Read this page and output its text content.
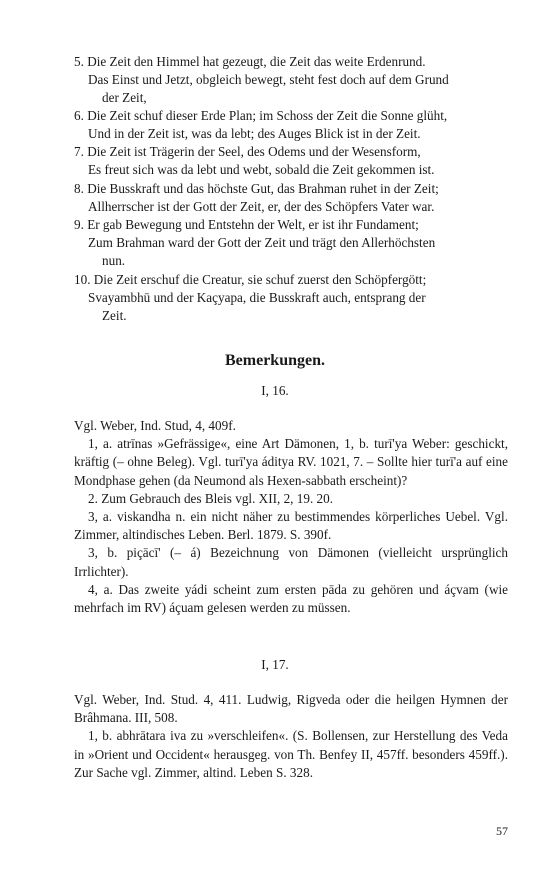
5. Die Zeit den Himmel hat gezeugt, die Zeit das weite Erdenrund.
Das Einst und Jetzt, obgleich bewegt, steht fest doch auf dem Grund
der Zeit,
6. Die Zeit schuf dieser Erde Plan; im Schoss der Zeit die Sonne glüht,
Und in der Zeit ist, was da lebt; des Auges Blick ist in der Zeit.
7. Die Zeit ist Trägerin der Seel, des Odems und der Wesensform,
Es freut sich was da lebt und webt, sobald die Zeit gekommen ist.
8. Die Busskraft und das höchste Gut, das Brahman ruhet in der Zeit;
Allherrscher ist der Gott der Zeit, er, der des Schöpfers Vater war.
9. Er gab Bewegung und Entstehn der Welt, er ist ihr Fundament;
Zum Brahman ward der Gott der Zeit und trägt den Allerhöchsten
nun.
10. Die Zeit erschuf die Creatur, sie schuf zuerst den Schöpfergött;
Svayambhū und der Kaçyapa, die Busskraft auch, entsprang der
Zeit.
Bemerkungen.
I, 16.

Vgl. Weber, Ind. Stud, 4, 409f.

1, a. atrīnas »Gefrässige«, eine Art Dämonen, 1, b. turī'ya Weber: geschickt, kräftig (– ohne Beleg). Vgl. turī'ya áditya RV. 1021, 7. – Sollte hier turī'a auf eine Mondphase gehen (da Neumond als Hexen-sabbath erscheint)?

2. Zum Gebrauch des Bleis vgl. XII, 2, 19. 20.

3, a. viskandha n. ein nicht näher zu bestimmendes körperliches Uebel. Vgl. Zimmer, altindisches Leben. Berl. 1879. S. 390f.

3, b. piçācī' (– á) Bezeichnung von Dämonen (vielleicht ursprünglich Irrlichter).

4, a. Das zweite yádi scheint zum ersten pāda zu gehören und áçvam (wie mehrfach im RV) áçuam gelesen werden zu müssen.

I, 17.

Vgl. Weber, Ind. Stud. 4, 411. Ludwig, Rigveda oder die heilgen Hymnen der Brâhmana. III, 508.

1, b. abhrātara iva zu »verschleifen«. (S. Bollensen, zur Herstellung des Veda in »Orient und Occident« herausgeg. von Th. Benfey II, 457ff. besonders 459ff.). Zur Sache vgl. Zimmer, altind. Leben S. 328.

57
